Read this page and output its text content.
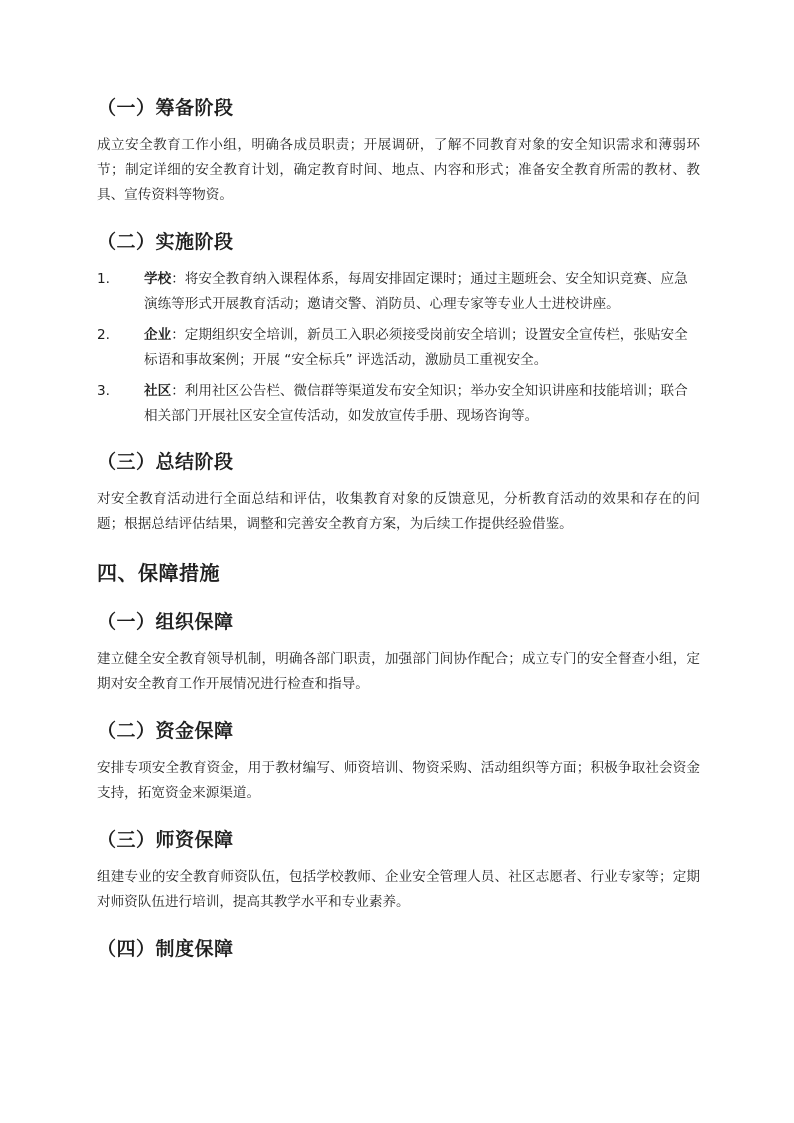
（一）筹备阶段

成立安全教育工作小组，明确各成员职责；开展调研，了解不同教育对象的安全知识需求和薄弱环节；制定详细的安全教育计划，确定教育时间、地点、内容和形式；准备安全教育所需的教材、教具、宣传资料等物资。

（二）实施阶段
1.	学校：将安全教育纳入课程体系，每周安排固定课时；通过主题班会、安全知识竞赛、应急演练等形式开展教育活动；邀请交警、消防员、心理专家等专业人士进校讲座。
2.	企业：定期组织安全培训，新员工入职必须接受岗前安全培训；设置安全宣传栏，张贴安全标语和事故案例；开展 “安全标兵” 评选活动，激励员工重视安全。
3.	社区：利用社区公告栏、微信群等渠道发布安全知识；举办安全知识讲座和技能培训；联合相关部门开展社区安全宣传活动，如发放宣传手册、现场咨询等。
（三）总结阶段

对安全教育活动进行全面总结和评估，收集教育对象的反馈意见，分析教育活动的效果和存在的问题；根据总结评估结果，调整和完善安全教育方案，为后续工作提供经验借鉴。

四、保障措施
（一）组织保障

建立健全安全教育领导机制，明确各部门职责，加强部门间协作配合；成立专门的安全督查小组，定期对安全教育工作开展情况进行检查和指导。

（二）资金保障

安排专项安全教育资金，用于教材编写、师资培训、物资采购、活动组织等方面；积极争取社会资金支持，拓宽资金来源渠道。

（三）师资保障

组建专业的安全教育师资队伍，包括学校教师、企业安全管理人员、社区志愿者、行业专家等；定期对师资队伍进行培训，提高其教学水平和专业素养。

（四）制度保障
